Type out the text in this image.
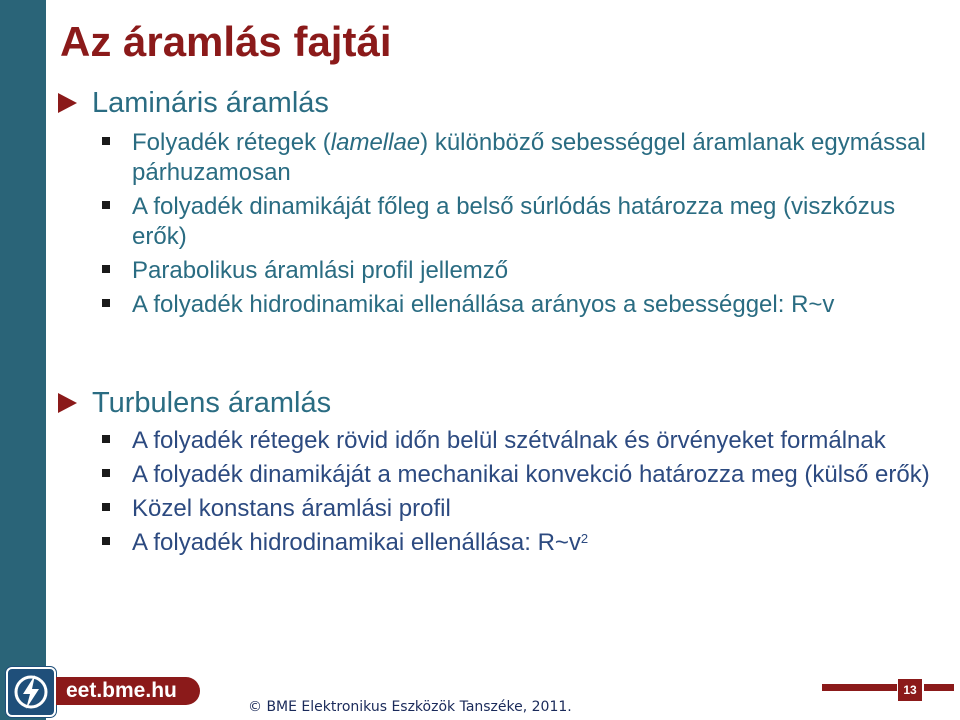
Az áramlás fajtái
Lamináris áramlás
Folyadék rétegek (lamellae) különböző sebességgel áramlanak egymással párhuzamosan
A folyadék dinamikáját főleg a belső súrlódás határozza meg (viszkózus erők)
Parabolikus áramlási profil jellemző
A folyadék hidrodinamikai ellenállása arányos a sebességgel: R~v
Turbulens áramlás
A folyadék rétegek rövid időn belül szétválnak és örvényeket formálnak
A folyadék dinamikáját a mechanikai konvekció határozza meg (külső erők)
Közel konstans áramlási profil
A folyadék hidrodinamikai ellenállása: $R\sim v^2$
eet.bme.hu
© BME Elektronikus Eszközök Tanszéke, 2011.
13
